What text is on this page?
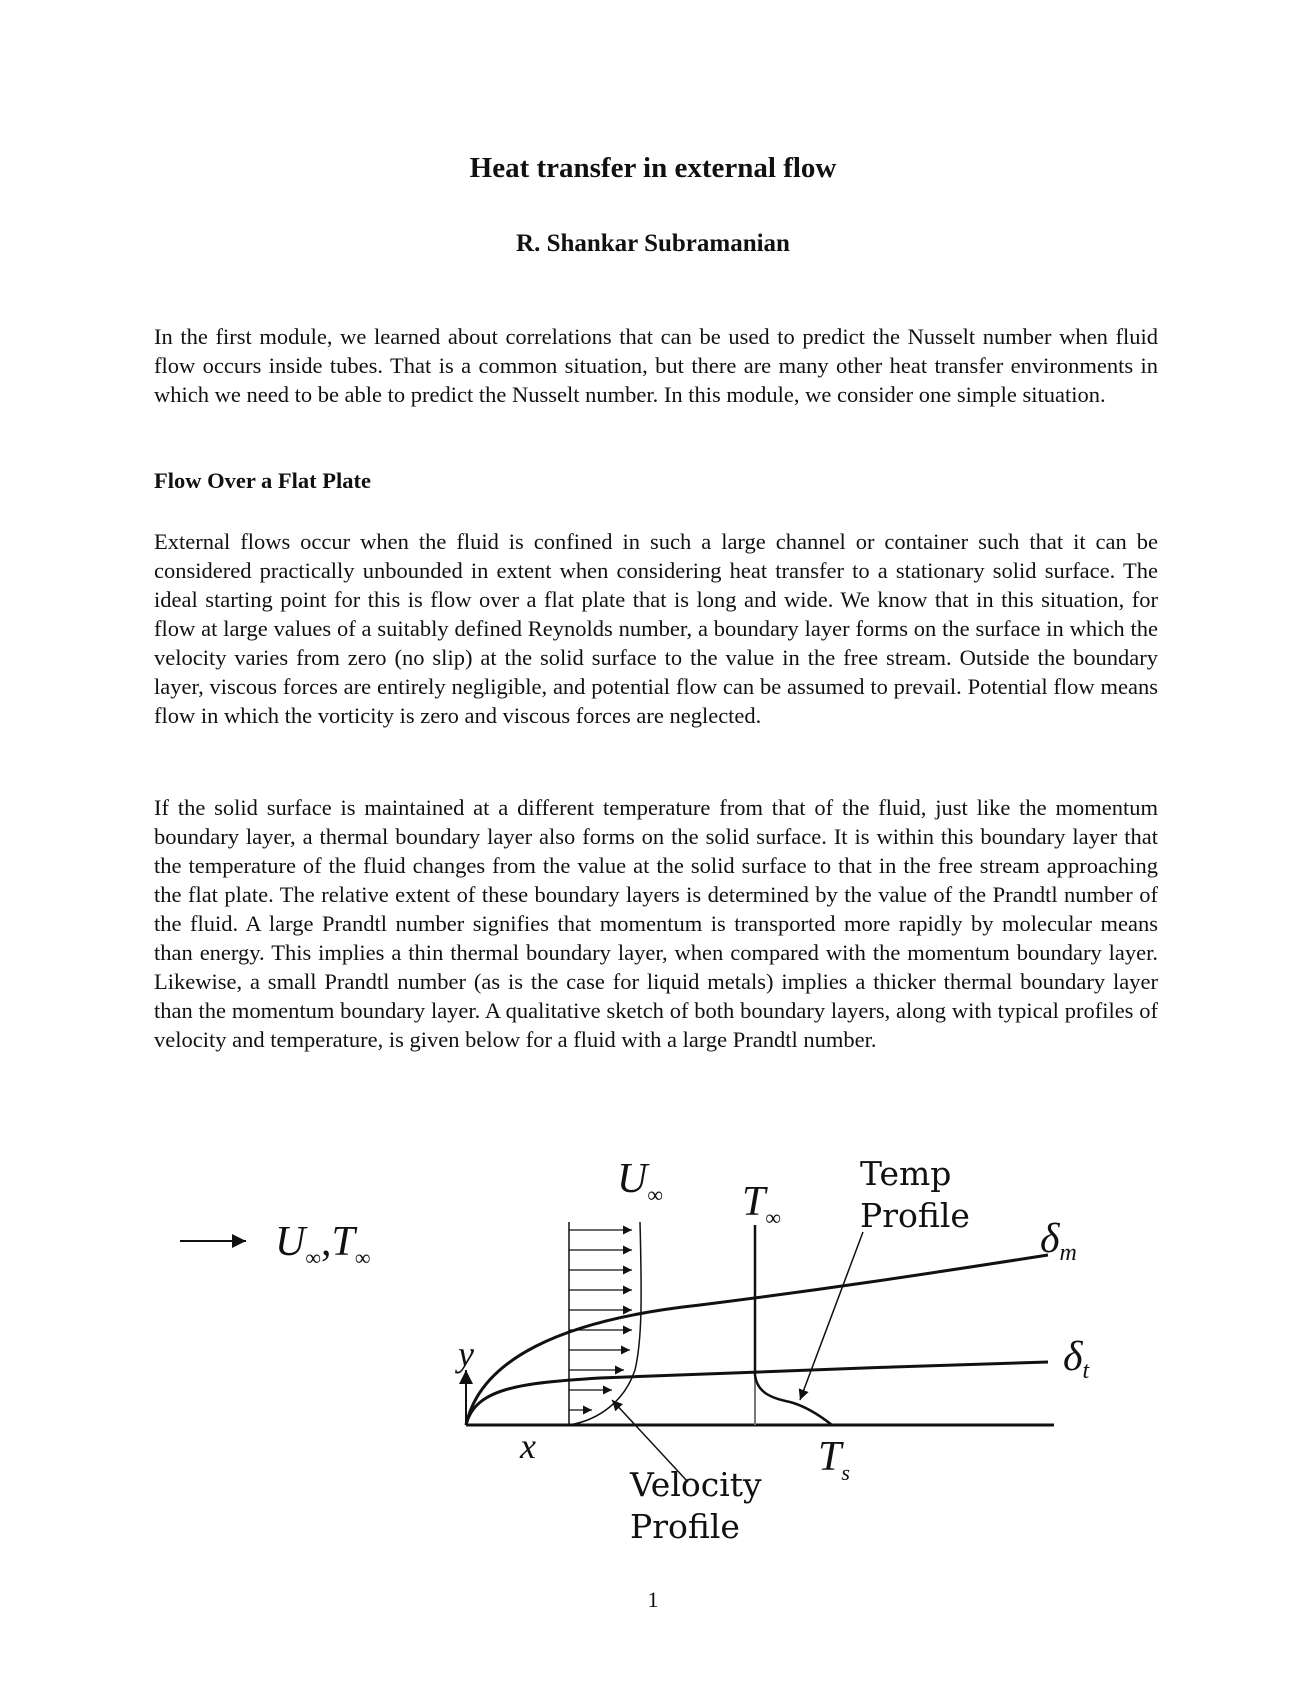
Heat transfer in external flow
R. Shankar Subramanian

In the first module, we learned about correlations that can be used to predict the Nusselt number when fluid flow occurs inside tubes. That is a common situation, but there are many other heat transfer environments in which we need to be able to predict the Nusselt number. In this module, we consider one simple situation.

Flow Over a Flat Plate

External flows occur when the fluid is confined in such a large channel or container such that it can be considered practically unbounded in extent when considering heat transfer to a stationary solid surface. The ideal starting point for this is flow over a flat plate that is long and wide. We know that in this situation, for flow at large values of a suitably defined Reynolds number, a boundary layer forms on the surface in which the velocity varies from zero (no slip) at the solid surface to the value in the free stream. Outside the boundary layer, viscous forces are entirely negligible, and potential flow can be assumed to prevail. Potential flow means flow in which the vorticity is zero and viscous forces are neglected.

If the solid surface is maintained at a different temperature from that of the fluid, just like the momentum boundary layer, a thermal boundary layer also forms on the solid surface. It is within this boundary layer that the temperature of the fluid changes from the value at the solid surface to that in the free stream approaching the flat plate. The relative extent of these boundary layers is determined by the value of the Prandtl number of the fluid. A large Prandtl number signifies that momentum is transported more rapidly by molecular means than energy. This implies a thin thermal boundary layer, when compared with the momentum boundary layer. Likewise, a small Prandtl number (as is the case for liquid metals) implies a thicker thermal boundary layer than the momentum boundary layer. A qualitative sketch of both boundary layers, along with typical profiles of velocity and temperature, is given below for a fluid with a large Prandtl number.

$U_\infty,T_\infty$
y
x
$U_\infty$ $T_\infty$
Temp Profile
δm
δt
$T_s$
Velocity Profile

1
